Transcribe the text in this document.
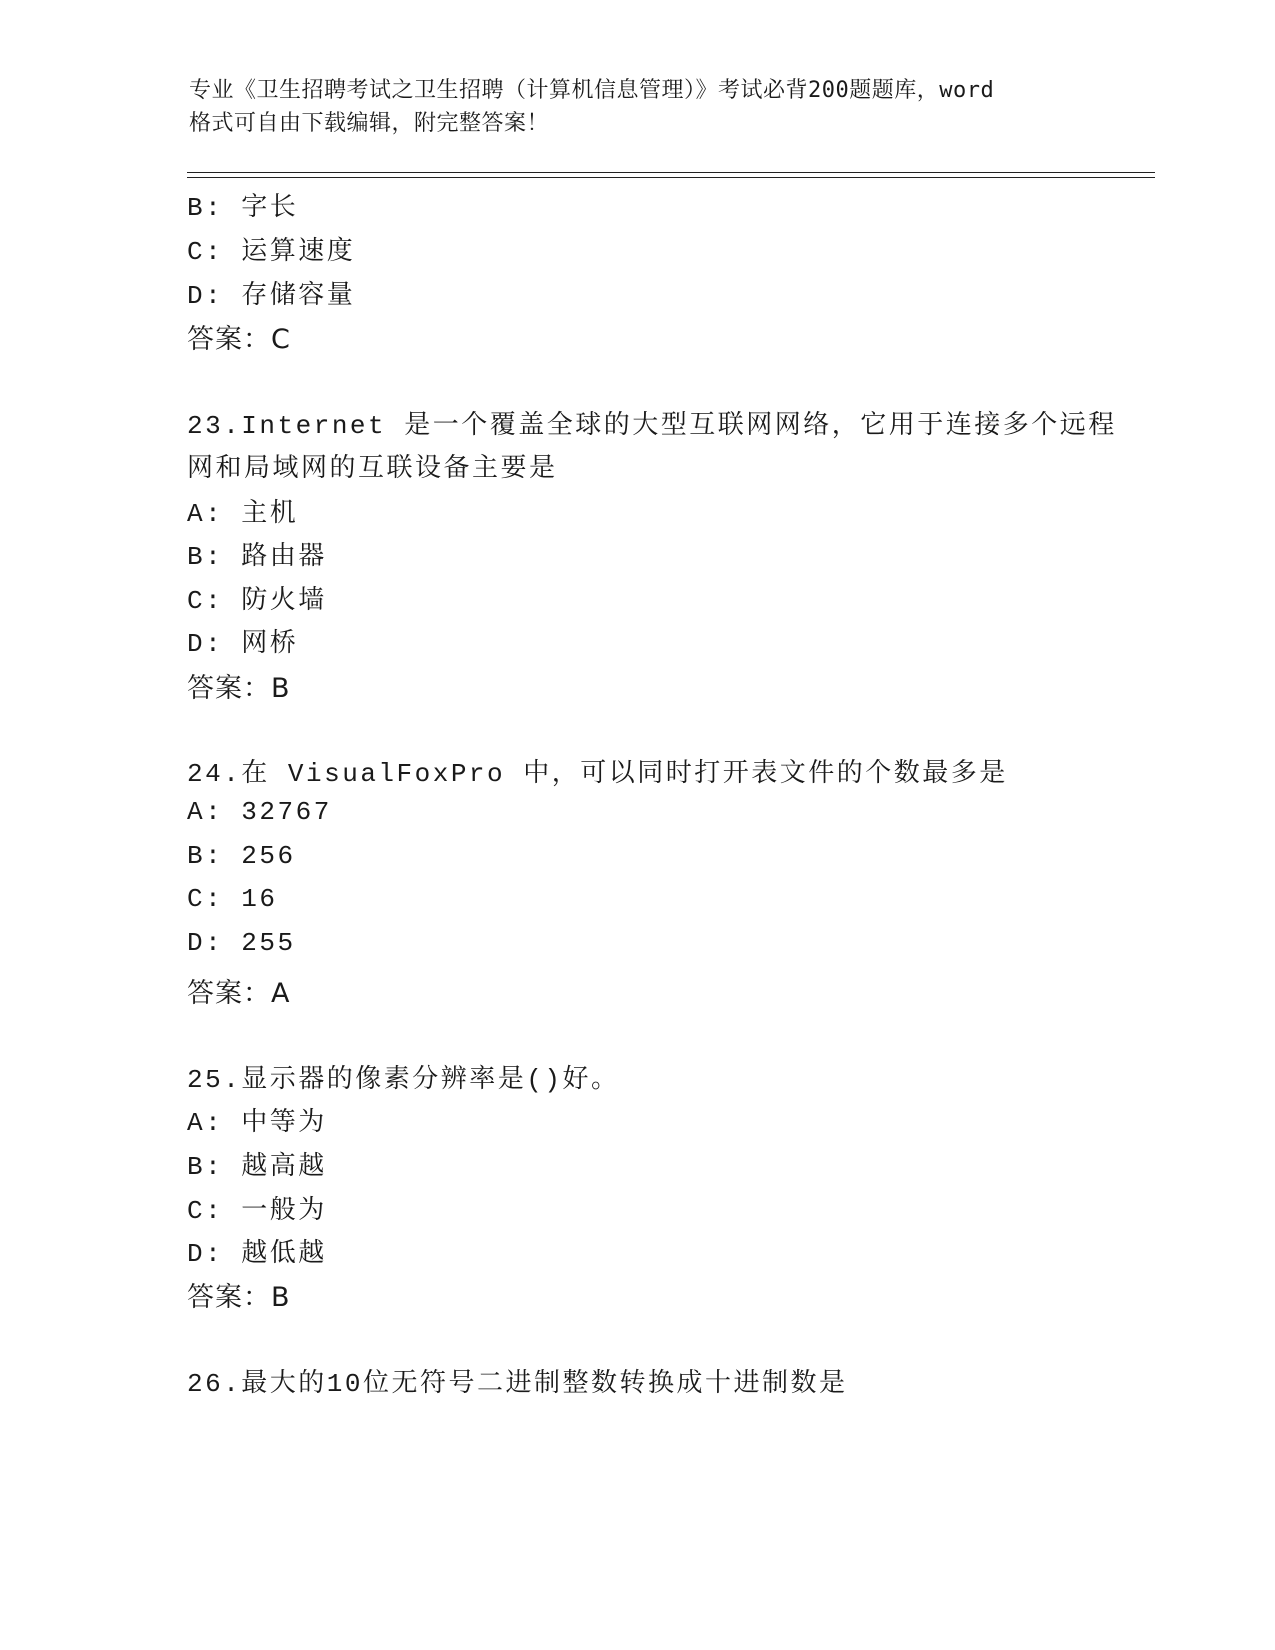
专业《卫生招聘考试之卫生招聘（计算机信息管理）》考试必背200题题库，word
格式可自由下载编辑，附完整答案！
B: 字长
C: 运算速度
D: 存储容量
答案：C
23.Internet 是一个覆盖全球的大型互联网网络，它用于连接多个远程
网和局域网的互联设备主要是
A: 主机
B: 路由器
C: 防火墙
D: 网桥
答案：B
24.在 VisualFoxPro 中，可以同时打开表文件的个数最多是
A: 32767
B: 256
C: 16
D: 255
答案：A
25.显示器的像素分辨率是()好。
A: 中等为
B: 越高越
C: 一般为
D: 越低越
答案：B
26.最大的10位无符号二进制整数转换成十进制数是
